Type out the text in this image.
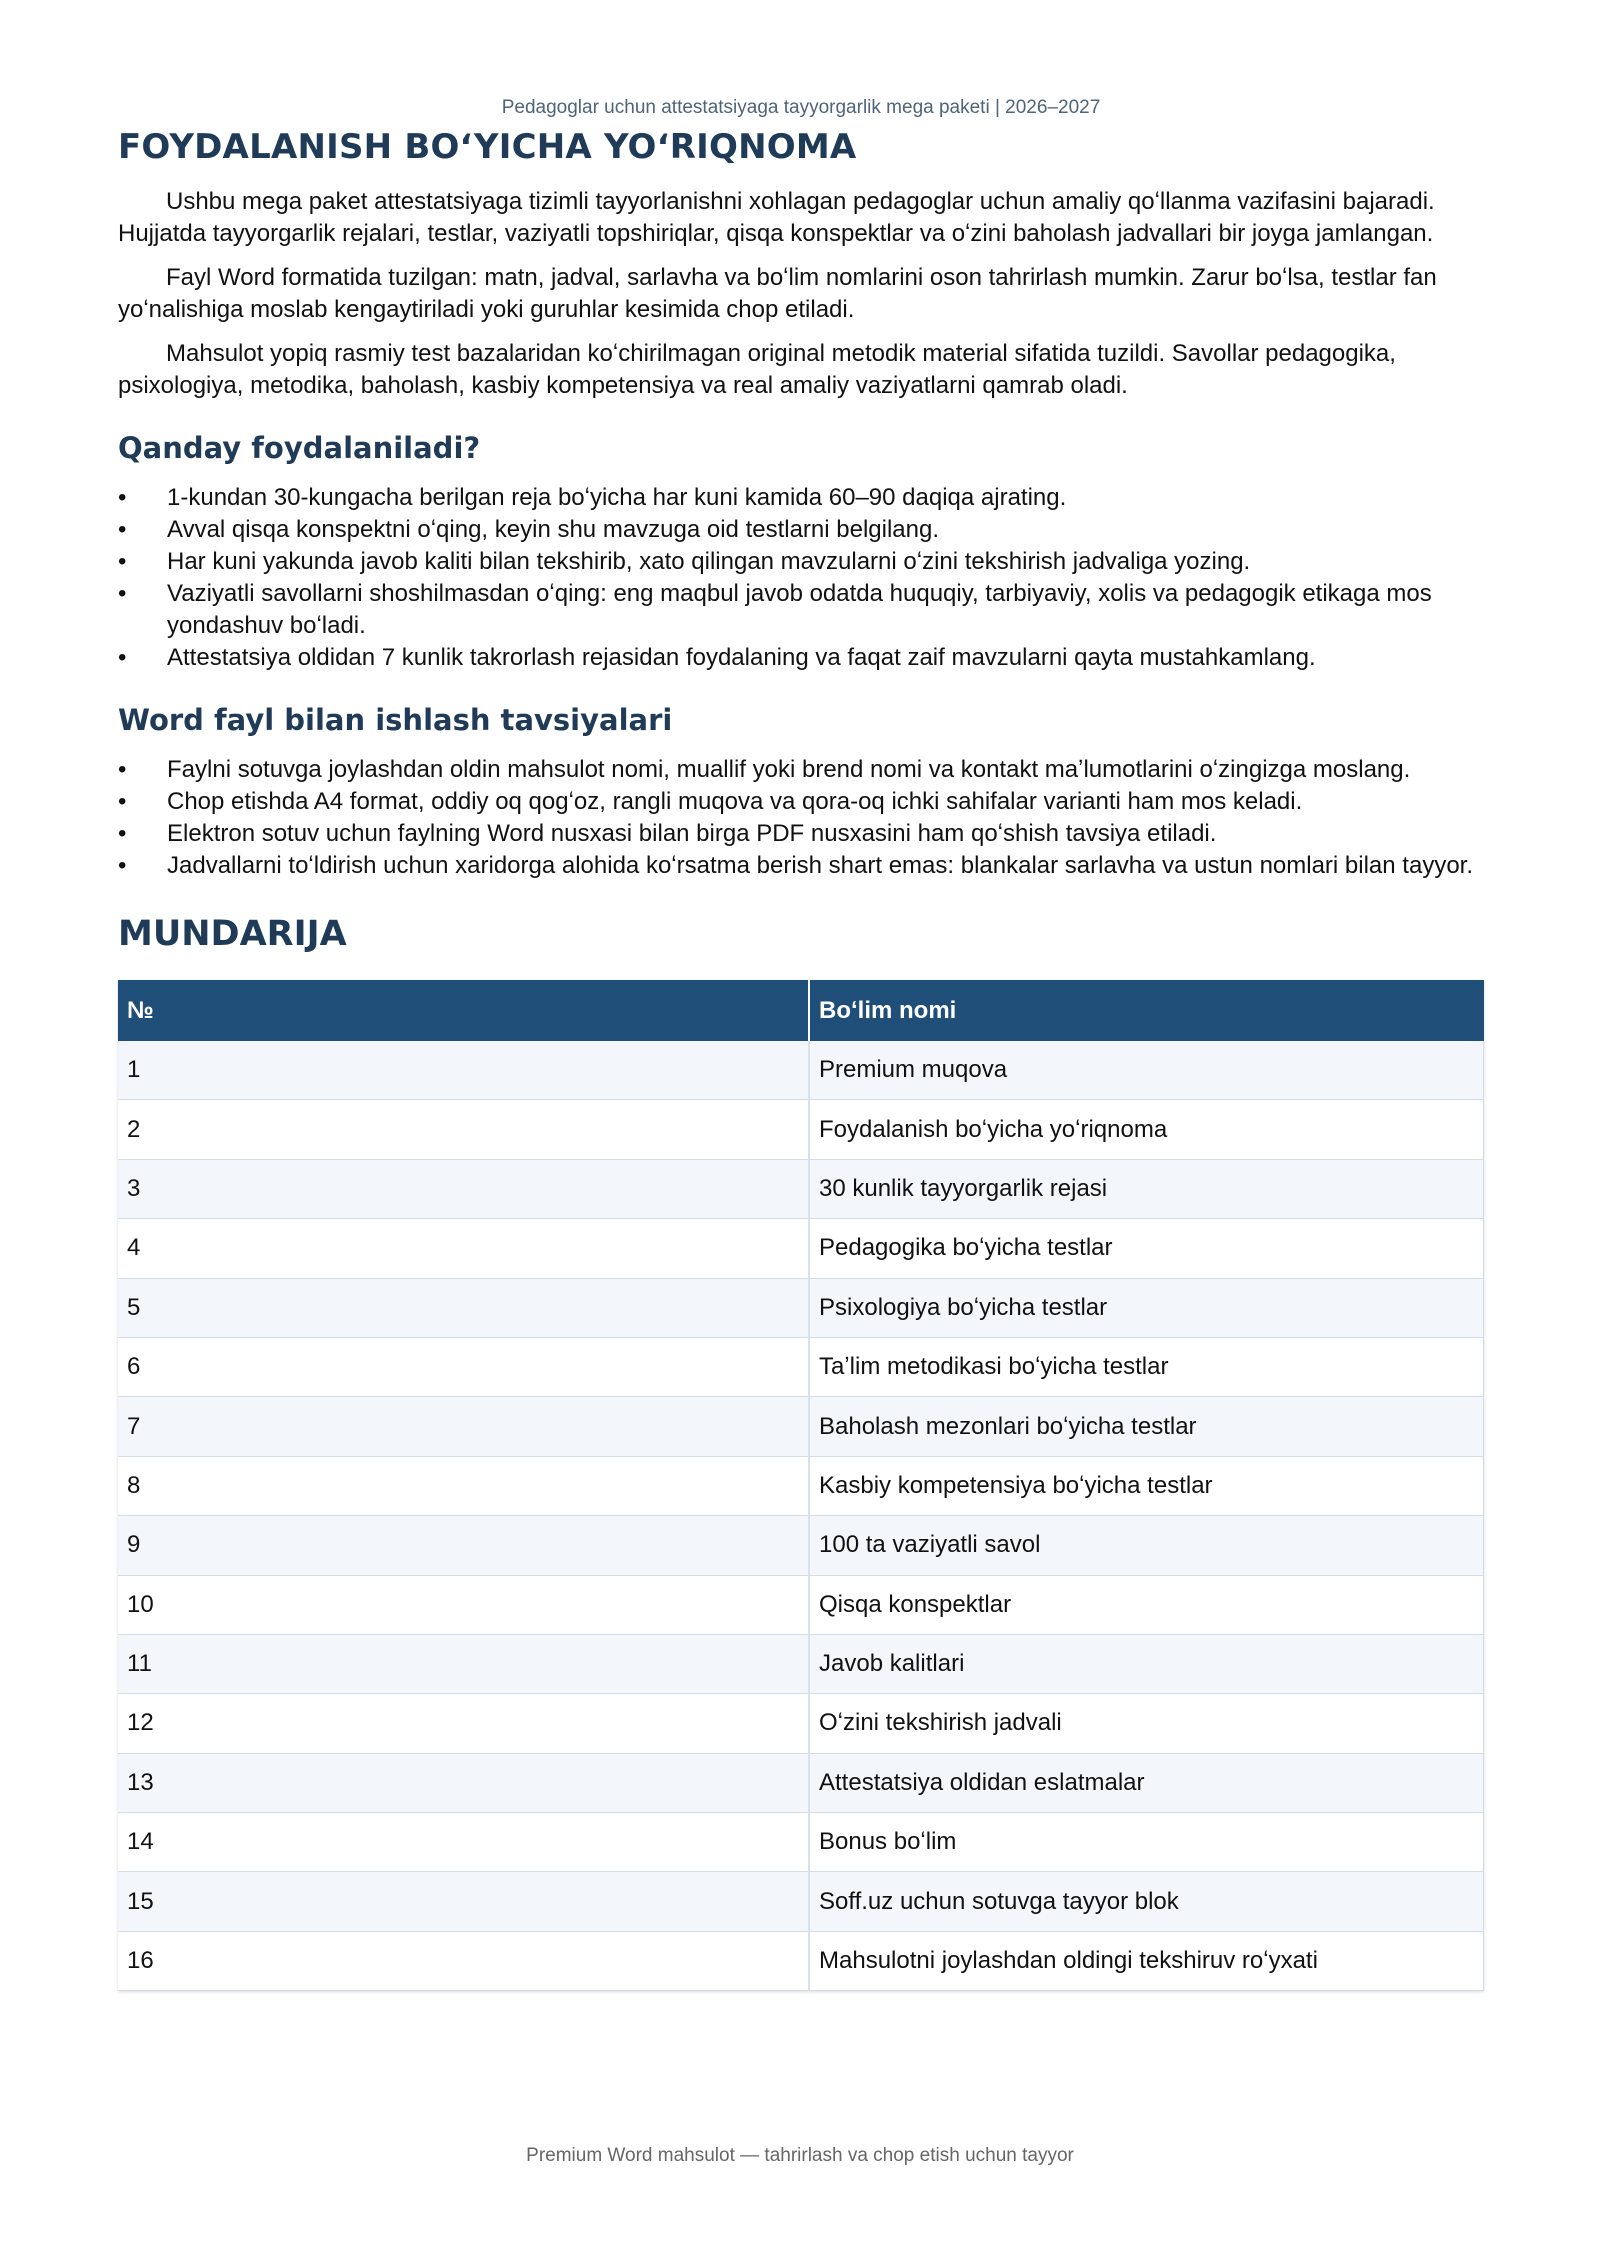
Pedagoglar uchun attestatsiyaga tayyorgarlik mega paketi | 2026–2027
FOYDALANISH BOʻYICHA YOʻRIQNOMA

Ushbu mega paket attestatsiyaga tizimli tayyorlanishni xohlagan pedagoglar uchun amaliy qoʻllanma vazifasini bajaradi. Hujjatda tayyorgarlik rejalari, testlar, vaziyatli topshiriqlar, qisqa konspektlar va oʻzini baholash jadvallari bir joyga jamlangan.

Fayl Word formatida tuzilgan: matn, jadval, sarlavha va boʻlim nomlarini oson tahrirlash mumkin. Zarur boʻlsa, testlar fan yoʻnalishiga moslab kengaytiriladi yoki guruhlar kesimida chop etiladi.

Mahsulot yopiq rasmiy test bazalaridan koʻchirilmagan original metodik material sifatida tuzildi. Savollar pedagogika, psixologiya, metodika, baholash, kasbiy kompetensiya va real amaliy vaziyatlarni qamrab oladi.

Qanday foydalaniladi?
•	1-kundan 30-kungacha berilgan reja boʻyicha har kuni kamida 60–90 daqiqa ajrating.
•	Avval qisqa konspektni oʻqing, keyin shu mavzuga oid testlarni belgilang.
•	Har kuni yakunda javob kaliti bilan tekshirib, xato qilingan mavzularni oʻzini tekshirish jadvaliga yozing.
•	Vaziyatli savollarni shoshilmasdan oʻqing: eng maqbul javob odatda huquqiy, tarbiyaviy, xolis va pedagogik etikaga mos yondashuv boʻladi.
•	Attestatsiya oldidan 7 kunlik takrorlash rejasidan foydalaning va faqat zaif mavzularni qayta mustahkamlang.
Word fayl bilan ishlash tavsiyalari
•	Faylni sotuvga joylashdan oldin mahsulot nomi, muallif yoki brend nomi va kontakt maʼlumotlarini oʻzingizga moslang.
•	Chop etishda A4 format, oddiy oq qogʻoz, rangli muqova va qora-oq ichki sahifalar varianti ham mos keladi.
•	Elektron sotuv uchun faylning Word nusxasi bilan birga PDF nusxasini ham qoʻshish tavsiya etiladi.
•	Jadvallarni toʻldirish uchun xaridorga alohida koʻrsatma berish shart emas: blankalar sarlavha va ustun nomlari bilan tayyor.
MUNDARIJA
№	Boʻlim nomi
1	Premium muqova
2	Foydalanish boʻyicha yoʻriqnoma
3	30 kunlik tayyorgarlik rejasi
4	Pedagogika boʻyicha testlar
5	Psixologiya boʻyicha testlar
6	Taʼlim metodikasi boʻyicha testlar
7	Baholash mezonlari boʻyicha testlar
8	Kasbiy kompetensiya boʻyicha testlar
9	100 ta vaziyatli savol
10	Qisqa konspektlar
11	Javob kalitlari
12	Oʻzini tekshirish jadvali
13	Attestatsiya oldidan eslatmalar
14	Bonus boʻlim
15	Soff.uz uchun sotuvga tayyor blok
16	Mahsulotni joylashdan oldingi tekshiruv roʻyxati
Premium Word mahsulot — tahrirlash va chop etish uchun tayyor
